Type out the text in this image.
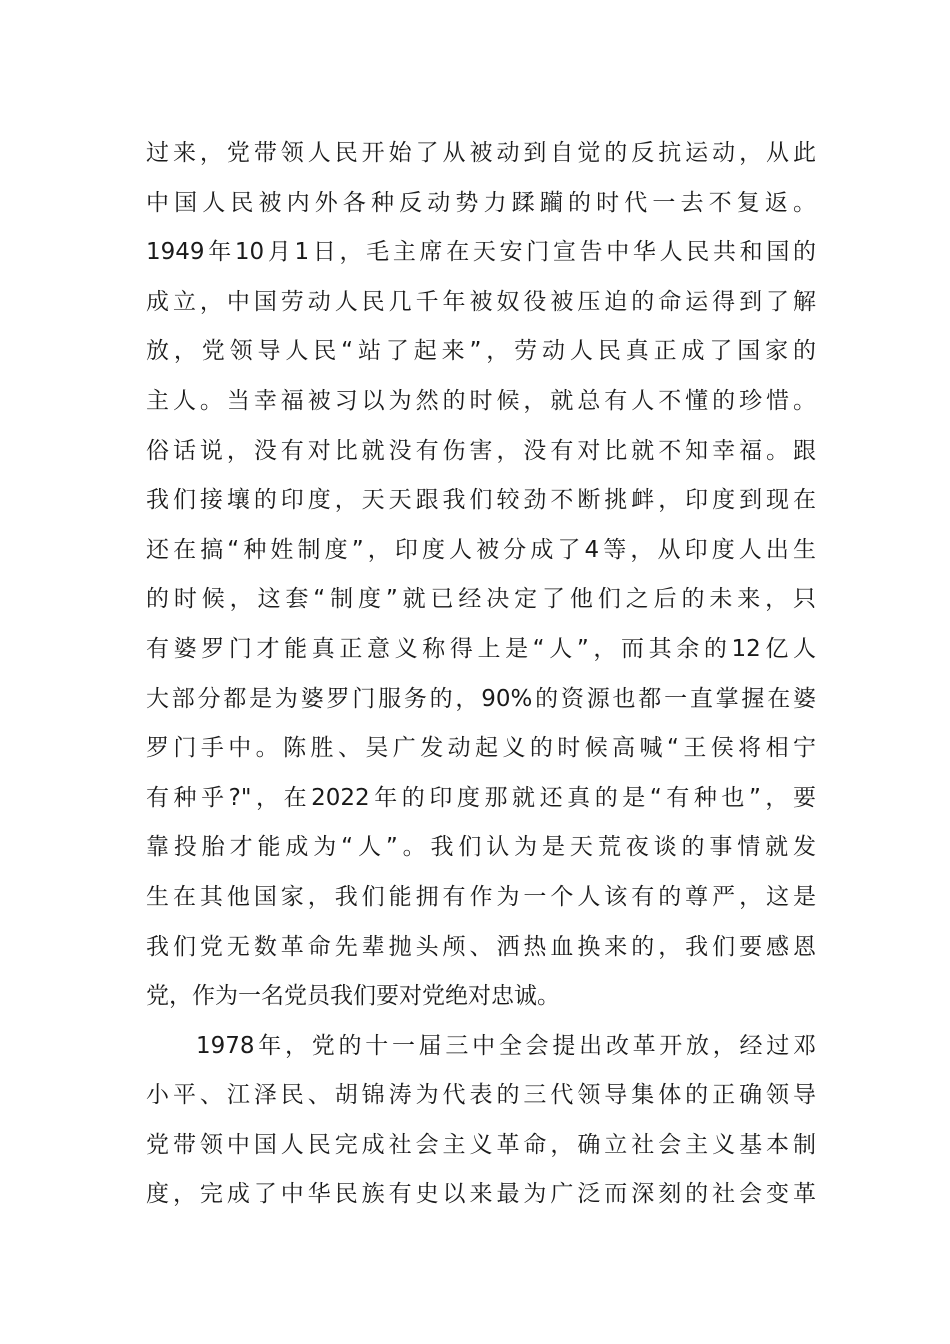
过来，党带领人民开始了从被动到自觉的反抗运动，从此
中国人民被内外各种反动势力蹂躏的时代一去不复返。
1949年10月1日，毛主席在天安门宣告中华人民共和国的
成立，中国劳动人民几千年被奴役被压迫的命运得到了解
放，党领导人民“站了起来”，劳动人民真正成了国家的
主人。当幸福被习以为然的时候，就总有人不懂的珍惜。
俗话说，没有对比就没有伤害，没有对比就不知幸福。跟
我们接壤的印度，天天跟我们较劲不断挑衅，印度到现在
还在搞“种姓制度”，印度人被分成了4等，从印度人出生
的时候，这套“制度”就已经决定了他们之后的未来，只
有婆罗门才能真正意义称得上是“人”，而其余的12亿人
大部分都是为婆罗门服务的，90%的资源也都一直掌握在婆
罗门手中。陈胜、吴广发动起义的时候高喊“王侯将相宁
有种乎?"，在2022年的印度那就还真的是“有种也”，要
靠投胎才能成为“人”。我们认为是天荒夜谈的事情就发
生在其他国家，我们能拥有作为一个人该有的尊严，这是
我们党无数革命先辈抛头颅、洒热血换来的，我们要感恩
党，作为一名党员我们要对党绝对忠诚。
1978年，党的十一届三中全会提出改革开放，经过邓
小平、江泽民、胡锦涛为代表的三代领导集体的正确领导
党带领中国人民完成社会主义革命，确立社会主义基本制
度，完成了中华民族有史以来最为广泛而深刻的社会变革
